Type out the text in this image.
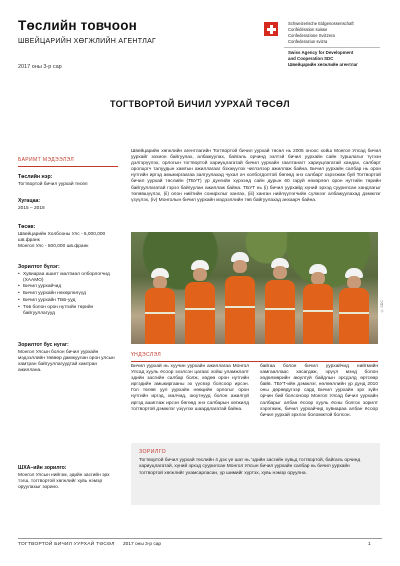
Төслийн товчоон
ШВЕЙЦАРИЙН ХӨГЖЛИЙН АГЕНТЛАГ
2017 оны 3-р сар
Schweizerische Eidgenossenschaft
Confédération suisse
Confederazione Svizzera
Confederaziun svizra
Swiss Agency for Development
and Cooperation SDC
Швейцарийн хөгжлийн агентлаг
ТОГТВОРТОЙ БИЧИЛ УУРХАЙ ТӨСӨЛ
БАРИМТ МЭДЭЭЛЭЛ
Төслийн нэр:
Тогтвортой бичил уурхай төсөл
Хугацаа:
2015 – 2018
Төсөв:
Швейцарийн Холбооны Улс - 6,000,000 шв.франк
Монгол Улс - 500,000 шв.франк
Зорилтот бүлэг:
• Хувиараа ашигт малтмал олборлогчид (ХААМО)
• Бичил уурхайчид
• Бичил уурхайн нөхөрлөлүүд
• Бичил уурхайн ТББ-ууд
• Төв болон орон нутгийн төрийн байгууллагууд
Зорилтот бус нугаг:
Монгол Улсын болон бичил уурхайн мэдээллийн төвөөр дамжуулан орон улсын хамтран байгууллагуудтай хамтран ажиллана.
ШХА–ийн зорилго:
Монгол Улсын нийгэм, эдийн засгийн эрх тэгш, тогтвортой хөгжлийг хувь нэмэр оруулахыг зорино.
Швейцарийн хөгжлийн агентлагийн Тогтвортой бичил уурхай төсөл нь 2005 оноос хойш Монгол Улсад бичил уурхайг зохион байгуулах, албажуулах, байгаль орчинд ээлтэй бичил уурхайн сайн туршлагыг түгээн дэлгэрүүлэх, орлогын тогтвортой хариуцлагатай бичил уурхайн гаалтанагт хариуцлагатай хандах, салбарт оролцогч талуудын хамтын ажиллагааг бэхжүүлэх чиглэлээр ажиллаж байна. Бичил уурхайн салбар нь орон нутгийн иргэд амьжиргаагаа залгуулахад чухал ач холбогдолтой бөгөөд энэ салбарт хэрэгжиж буй Тогтвортой бичил уурхай төслийн (ТБУТ) үр дүнгийн хүрээнд сайн дурын 60 гаруй нөхөрлөл орон нутгийн төрийн байгууллагатай гэрээ байгуулан ажиллаж байна. ТБУТ нь (i) бичил уурхайд хүний эрхэд суурилсан хандлагыг төлөвшүүлэх, (ii) олон нийтийн сонирхлыг хангах, (iii) ханган нийлүүлэгчийн сүлжээг албажуулахад дэмжлэг үзүүлэх, (iv) Монголын бичил уурхайн мэдээллийн төв байгуулахад анхаарч байна.
© SDC
ҮНДЭСЛЭЛ
Бичил уурхай нь хуучин уурхайн ажиллагаа Монгол Улсад хууль ёсоор эхэлсэн цагаас хойш уламжлалт эдийн засгийн салбар болж, хөдөө орон нутгийн иргэдийн амьжиргааны эх үүсвэр болсоор ирсэн. Гол төлөв уул уурхайн нөөцийн орлогыг орон нутгийн иргэд, малчид, оюутнууд болон ажилгүй иргэд ашиглаж ирсэн бөгөөд энэ салбарын хөгжилд тогтвортой дэмжлэг үзүүлэх шаардлагатай байна.
байгаа болон бичил уурхайчид нийгмийн хамгааллаас хасагдаж, эрүүл мэнд болон хөдөлмөрийн аюулгүй байдлын эрсдэлд өртсөөр байв. ТБУТ-ийн дэмжлэг, нөлөөллийн үр дүнд 2010 оны дөрөвдүгээр сард Бичил уурхайн эрх зүйн орчин бий болсоноор Монгол Улсад бичил уурхайн салбарыг албан ёсоор хууль ёсны болгох зорилт хэрэгжиж, бичил уурхайчид хувиараа албан ёсоор бичил уурхай эрхлэх боломжтой болсон.
ЗОРИЛГО
Тогтвортой бичил уурхай төслийн 4 дэх үе шат нь 'эдийн засгийн хувьд тогтвортой, байгаль орчинд хариуцлагатай, хүний эрхэд суурилсан Монгол Улсын бичил уурхайн салбар нь бичил уурхайн тогтвортой хөгжлийг ухамсарласан, үр шимийг хүртэх, хувь нэмэр оруулна.
ТОГТВОРТОЙ БИЧИЛ УУРХАЙ ТӨСӨЛ 2017 оны 3-р сар	1
